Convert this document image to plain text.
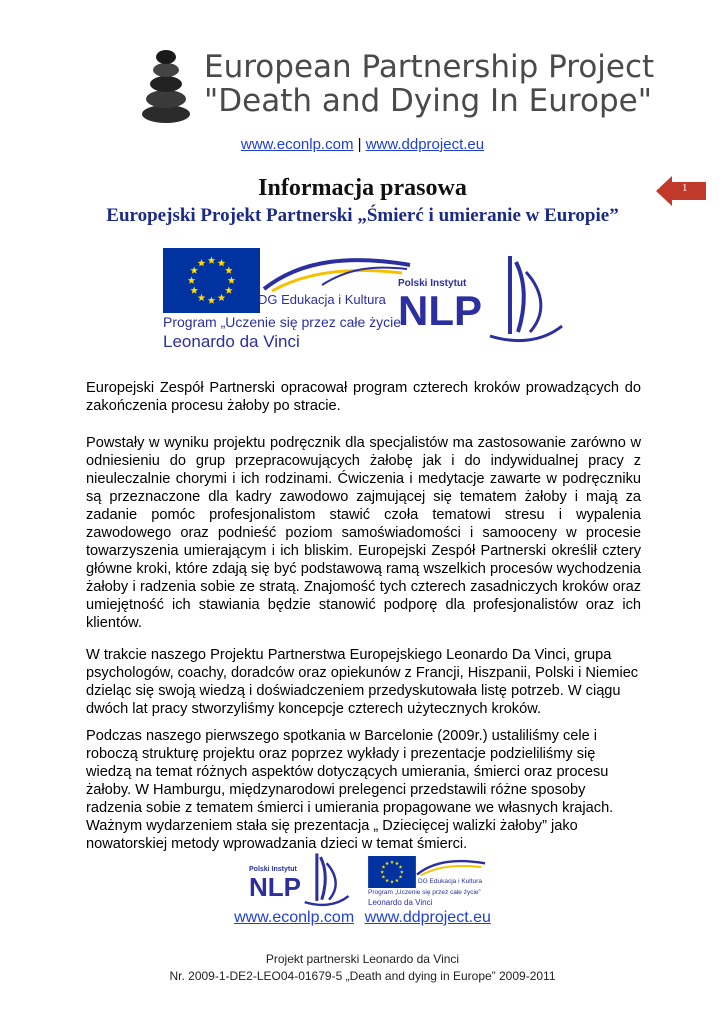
European Partnership Project
"Death and Dying In Europe"
www.econlp.com | www.ddproject.eu
1
Informacja prasowa
Europejski Projekt Partnerski „Śmierć i umieranie w Europie”
DG Edukacja i Kultura
Program „Uczenie się przez całe życie”
Leonardo da Vinci
Polski Instytut
NLP
Europejski Zespół Partnerski opracował program czterech kroków prowadzących do zakończenia procesu żałoby po stracie.
Powstały w wyniku projektu podręcznik dla specjalistów ma zastosowanie zarówno w odniesieniu do grup przepracowujących żałobę jak i do indywidualnej pracy z nieuleczalnie chorymi i ich rodzinami. Ćwiczenia i medytacje zawarte w podręczniku są przeznaczone dla kadry zawodowo zajmującej się tematem żałoby i mają za zadanie pomóc profesjonalistom stawić czoła tematowi stresu i wypalenia zawodowego oraz podnieść poziom samoświadomości i samooceny w procesie towarzyszenia umierającym i ich bliskim. Europejski Zespół Partnerski określił cztery główne kroki, które zdają się być podstawową ramą wszelkich procesów wychodzenia żałoby i radzenia sobie ze stratą. Znajomość tych czterech zasadniczych kroków oraz umiejętność ich stawiania będzie stanowić podporę dla profesjonalistów oraz ich klientów.
W trakcie naszego Projektu Partnerstwa Europejskiego Leonardo Da Vinci, grupa psychologów, coachy, doradców oraz opiekunów z Francji, Hiszpanii, Polski i Niemiec dzieląc się swoją wiedzą i doświadczeniem przedyskutowała listę potrzeb. W ciągu dwóch lat pracy stworzyliśmy koncepcje czterech użytecznych kroków.
Podczas naszego pierwszego spotkania w Barcelonie (2009r.) ustaliliśmy cele i roboczą strukturę projektu oraz poprzez wykłady i prezentacje podzieliliśmy się wiedzą na temat różnych aspektów dotyczących umierania, śmierci oraz procesu żałoby. W Hamburgu, międzynarodowi prelegenci przedstawili różne sposoby radzenia sobie z tematem śmierci i umierania propagowane we własnych krajach. Ważnym wydarzeniem stała się prezentacja „ Dziecięcej walizki żałoby” jako nowatorskiej metody wprowadzania dzieci w temat śmierci.
Polski Instytut
NLP	DG Edukacja i Kultura
Program „Uczenie się przez całe życie”
Leonardo da Vinci
www.econlp.com www.ddproject.eu
Projekt partnerski Leonardo da Vinci
Nr. 2009-1-DE2-LEO04-01679-5 „Death and dying in Europe” 2009-2011
